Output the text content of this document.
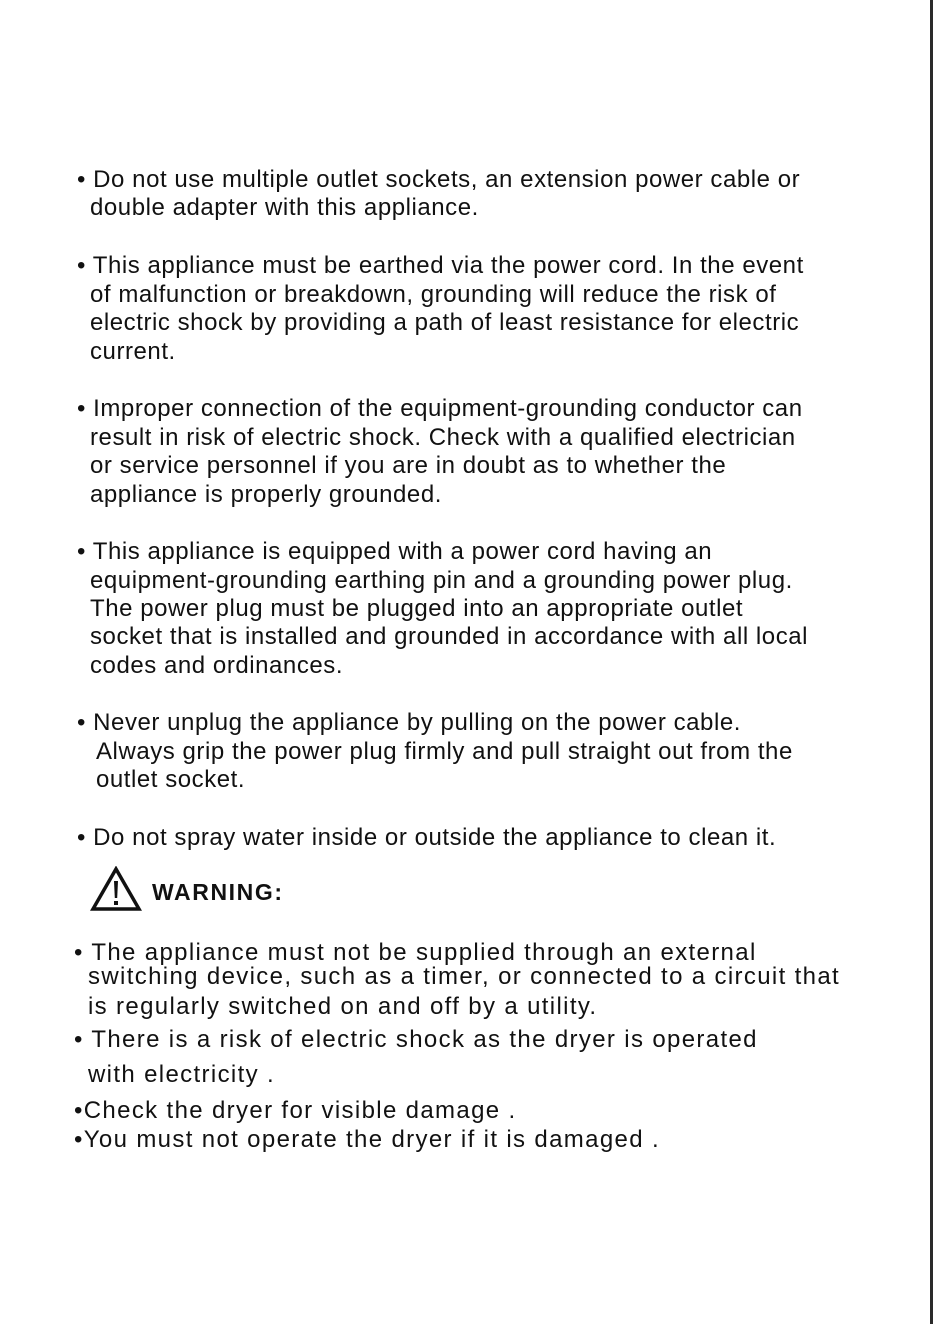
• Do not use multiple outlet sockets, an extension power cable or
double adapter with this appliance.
• This appliance must be earthed via the power cord. In the event
of malfunction or breakdown, grounding will reduce the risk of
electric shock by providing a path of least resistance for electric
current.
• Improper connection of the equipment-grounding conductor can
result in risk of electric shock. Check with a qualified electrician
or service personnel if you are in doubt as to whether the
appliance is properly grounded.
• This appliance is equipped with a power cord having an
equipment-grounding earthing pin and a grounding power plug.
The power plug must be plugged into an appropriate outlet
socket that is installed and grounded in accordance with all local
codes and ordinances.
• Never unplug the appliance by pulling on the power cable.
Always grip the power plug firmly and pull straight out from the
outlet socket.
• Do not spray water inside or outside the appliance to clean it.
WARNING:
• The appliance must not be supplied through an external
switching device, such as a timer, or connected to a circuit that
is regularly switched on and off by a utility.
• There is a risk of electric shock as the dryer is operated
with electricity .
•Check the dryer for visible damage .
•You must not operate the dryer if it is damaged .
